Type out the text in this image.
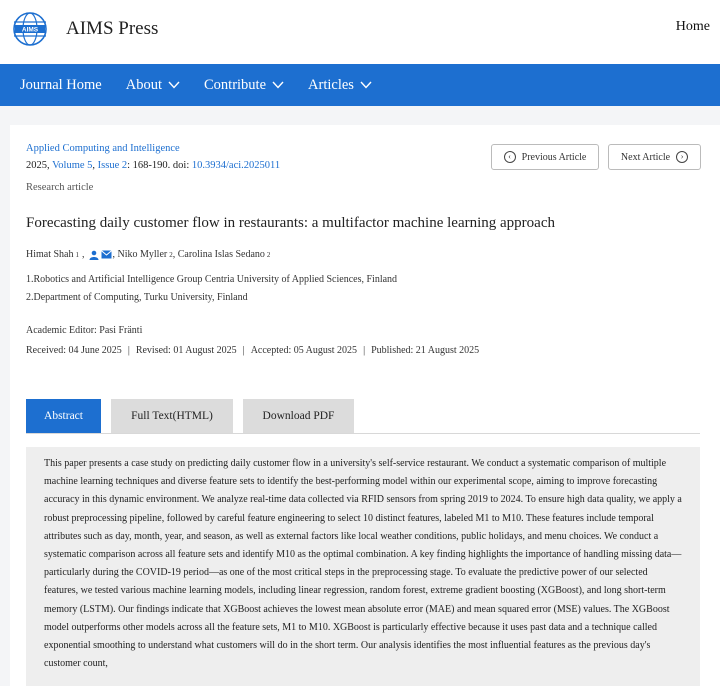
AIMS AIMS Press	Home
Journal Home About	Contribute	Articles
Applied Computing and Intelligence
2025, Volume 5, Issue 2: 168-190. doi: 10.3934/aci.2025011
Research article
‹	Previous Article	Next Article	›
Forecasting daily customer flow in restaurants: a multifactor machine learning approach
Himat Shah 1 ,	, Niko Myller 2 , Carolina Islas Sedano 2
1.Robotics and Artificial Intelligence Group Centria University of Applied Sciences, Finland
2.Department of Computing, Turku University, Finland
Academic Editor: Pasi Fränti
Received: 04 June 2025 | Revised: 01 August 2025 | Accepted: 05 August 2025 | Published: 21 August 2025
Abstract	Full Text(HTML)	Download PDF
This paper presents a case study on predicting daily customer flow in a university's self-service restaurant. We conduct a systematic comparison of multiple machine learning techniques and diverse feature sets to identify the best-performing model within our experimental scope, aiming to improve forecasting accuracy in this dynamic environment. We analyze real-time data collected via RFID sensors from spring 2019 to 2024. To ensure high data quality, we apply a robust preprocessing pipeline, followed by careful feature engineering to select 10 distinct features, labeled M1 to M10. These features include temporal attributes such as day, month, year, and season, as well as external factors like local weather conditions, public holidays, and menu choices. We conduct a systematic comparison across all feature sets and identify M10 as the optimal combination. A key finding highlights the importance of handling missing data—particularly during the COVID-19 period—as one of the most critical steps in the preprocessing stage. To evaluate the predictive power of our selected features, we tested various machine learning models, including linear regression, random forest, extreme gradient boosting (XGBoost), and long short-term memory (LSTM). Our findings indicate that XGBoost achieves the lowest mean absolute error (MAE) and mean squared error (MSE) values. The XGBoost model outperforms other models across all the feature sets, M1 to M10. XGBoost is particularly effective because it uses past data and a technique called exponential smoothing to understand what customers will do in the short term. Our analysis identifies the most influential features as the previous day's customer count,
